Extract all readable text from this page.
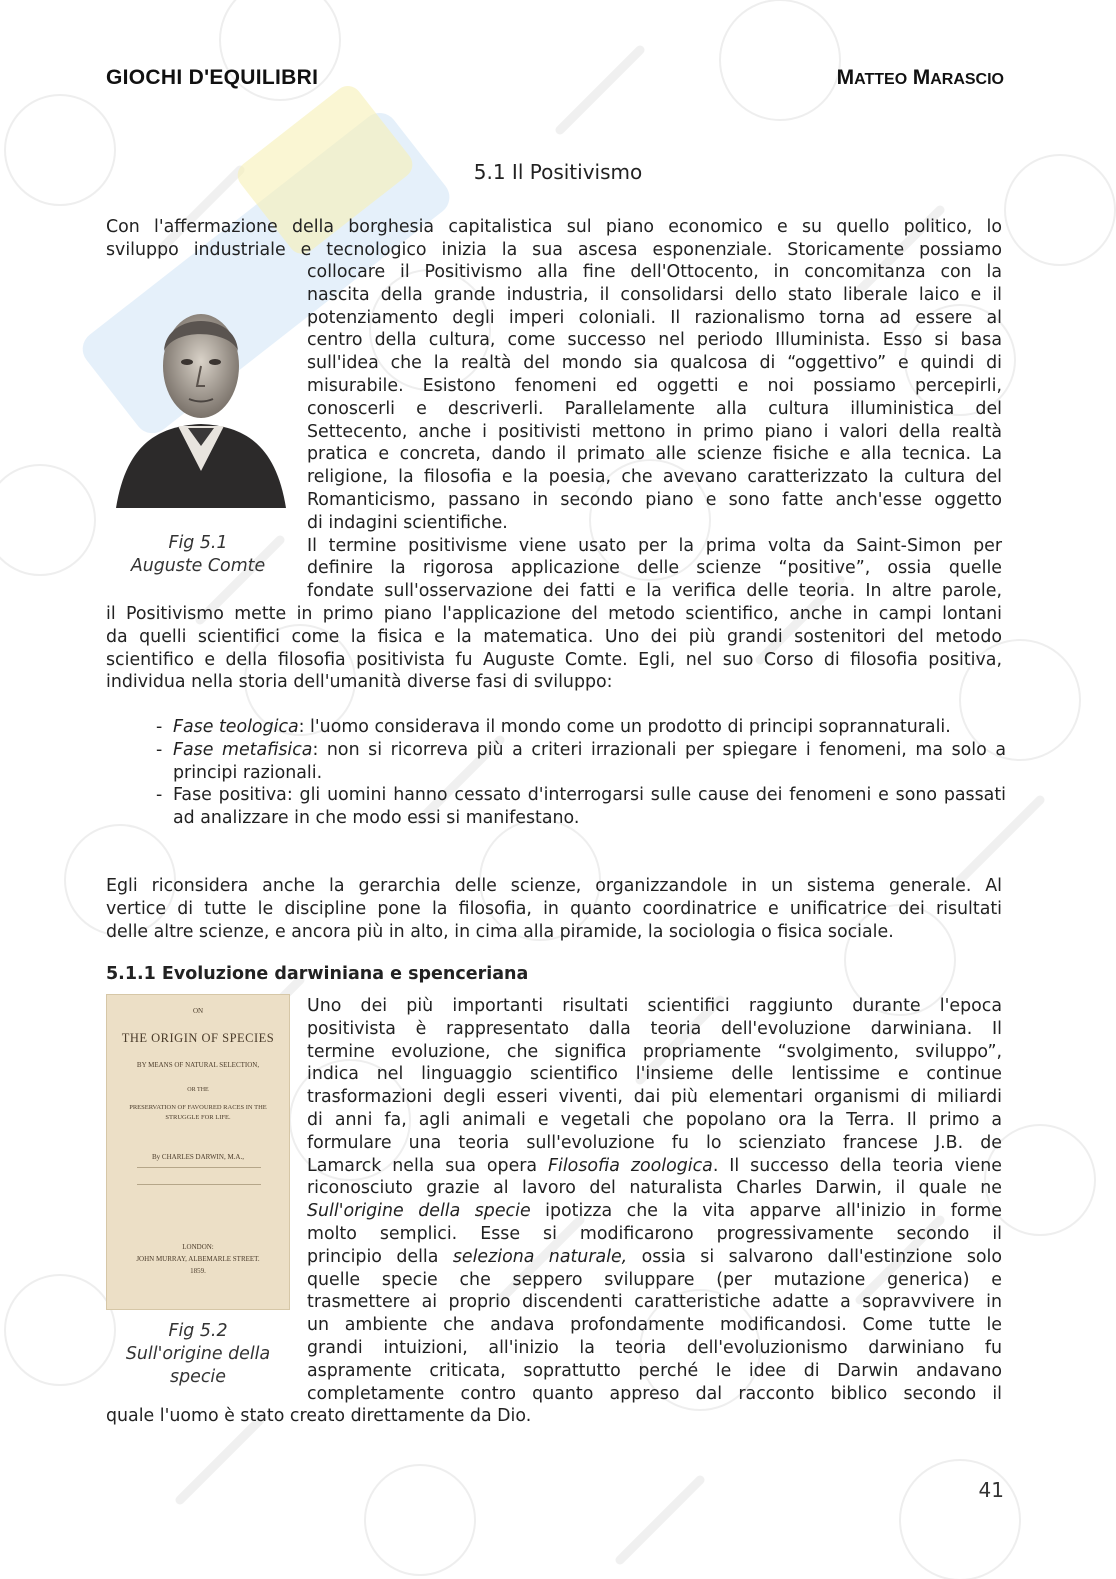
GIOCHI D'EQUILIBRI	MATTEO MARASCIO
5.1 Il Positivismo
Con l'affermazione della borghesia capitalistica sul piano economico e su quello politico, lo
sviluppo industriale e tecnologico inizia la sua ascesa esponenziale. Storicamente possiamo
Fig 5.1
Auguste Comte
collocare il Positivismo alla fine dell'Ottocento, in concomitanza con la
nascita della grande industria, il consolidarsi dello stato liberale laico e il
potenziamento degli imperi coloniali. Il razionalismo torna ad essere al
centro della cultura, come successo nel periodo Illuminista. Esso si basa
sull'idea che la realtà del mondo sia qualcosa di “oggettivo” e quindi di
misurabile. Esistono fenomeni ed oggetti e noi possiamo percepirli,
conoscerli e descriverli. Parallelamente alla cultura illuministica del
Settecento, anche i positivisti mettono in primo piano i valori della realtà
pratica e concreta, dando il primato alle scienze fisiche e alla tecnica. La
religione, la filosofia e la poesia, che avevano caratterizzato la cultura del
Romanticismo, passano in secondo piano e sono fatte anch'esse oggetto
di indagini scientifiche.
Il termine positivisme viene usato per la prima volta da Saint-Simon per
definire la rigorosa applicazione delle scienze “positive”, ossia quelle
fondate sull'osservazione dei fatti e la verifica delle teoria. In altre parole,
il Positivismo mette in primo piano l'applicazione del metodo scientifico, anche in campi lontani
da quelli scientifici come la fisica e la matematica. Uno dei più grandi sostenitori del metodo
scientifico e della filosofia positivista fu Auguste Comte. Egli, nel suo Corso di filosofia positiva,
individua nella storia dell'umanità diverse fasi di sviluppo:

- Fase teologica: l'uomo considerava il mondo come un prodotto di principi soprannaturali.

- Fase metafisica: non si ricorreva più a criteri irrazionali per spiegare i fenomeni, ma solo a principi razionali.

- Fase positiva: gli uomini hanno cessato d'interrogarsi sulle cause dei fenomeni e sono passati ad analizzare in che modo essi si manifestano.

Egli riconsidera anche la gerarchia delle scienze, organizzandole in un sistema generale. Al
vertice di tutte le discipline pone la filosofia, in quanto coordinatrice e unificatrice dei risultati
delle altre scienze, e ancora più in alto, in cima alla piramide, la sociologia o fisica sociale.
5.1.1 Evoluzione darwiniana e spenceriana
ON
THE ORIGIN OF SPECIES
BY MEANS OF NATURAL SELECTION,
OR THE
PRESERVATION OF FAVOURED RACES IN THE STRUGGLE FOR LIFE.
By CHARLES DARWIN, M.A.,
LONDON:
JOHN MURRAY, ALBEMARLE STREET.
1859.
Fig 5.2
Sull'origine della
specie
Uno dei più importanti risultati scientifici raggiunto durante l'epoca
positivista è rappresentato dalla teoria dell'evoluzione darwiniana. Il
termine evoluzione, che significa propriamente “svolgimento, sviluppo”,
indica nel linguaggio scientifico l'insieme delle lentissime e continue
trasformazioni degli esseri viventi, dai più elementari organismi di miliardi
di anni fa, agli animali e vegetali che popolano ora la Terra. Il primo a
formulare una teoria sull'evoluzione fu lo scienziato francese J.B. de
Lamarck nella sua opera Filosofia zoologica. Il successo della teoria viene
riconosciuto grazie al lavoro del naturalista Charles Darwin, il quale ne
Sull'origine della specie ipotizza che la vita apparve all'inizio in forme
molto semplici. Esse si modificarono progressivamente secondo il
principio della seleziona naturale, ossia si salvarono dall'estinzione solo
quelle specie che seppero sviluppare (per mutazione generica) e
trasmettere ai proprio discendenti caratteristiche adatte a sopravvivere in
un ambiente che andava profondamente modificandosi. Come tutte le
grandi intuizioni, all'inizio la teoria dell'evoluzionismo darwiniano fu
aspramente criticata, soprattutto perché le idee di Darwin andavano
completamente contro quanto appreso dal racconto biblico secondo il
quale l'uomo è stato creato direttamente da Dio.
41
